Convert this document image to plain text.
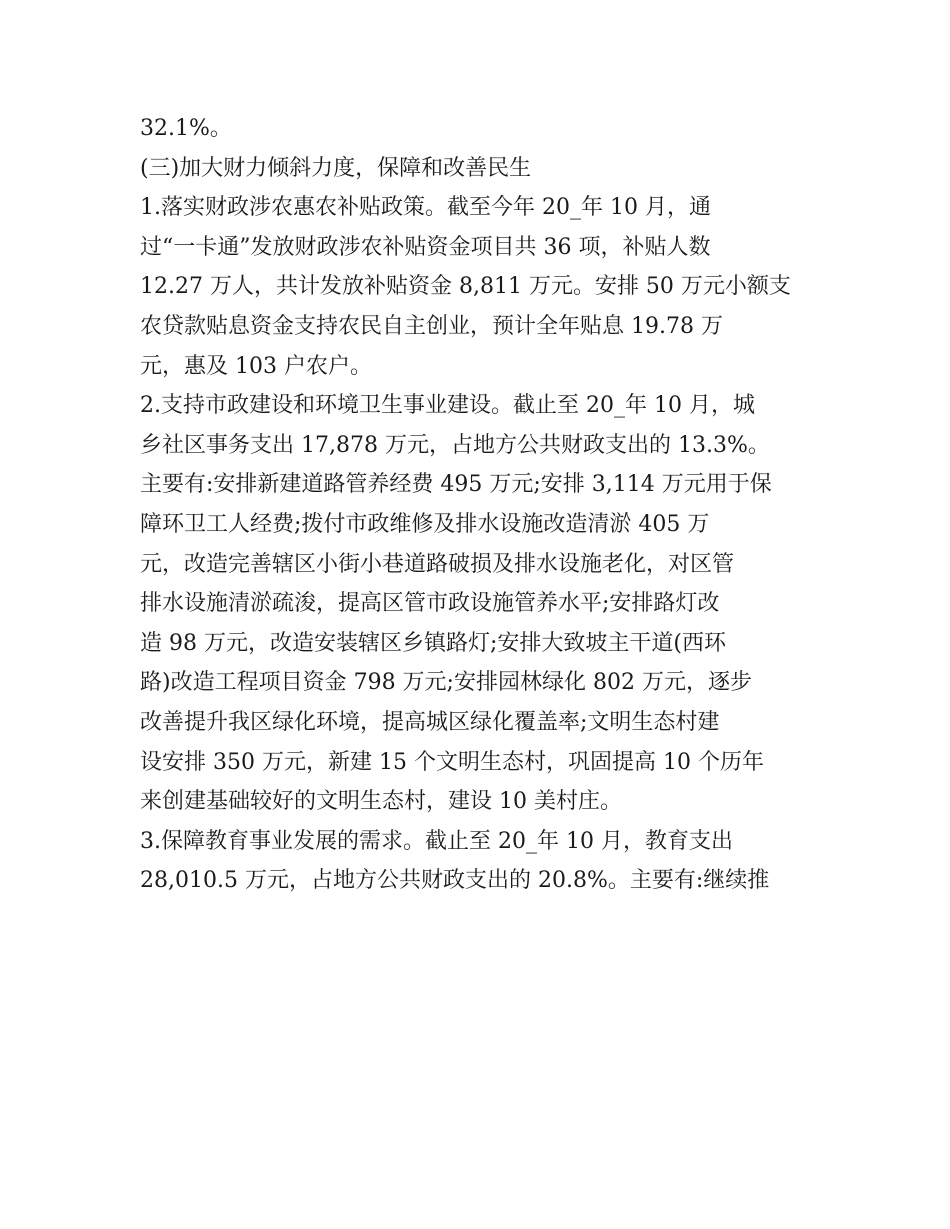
32.1%。
(三)加大财力倾斜力度，保障和改善民生
1.落实财政涉农惠农补贴政策。截至今年 20_年 10 月，通
过“一卡通”发放财政涉农补贴资金项目共 36 项，补贴人数
12.27 万人，共计发放补贴资金 8,811 万元。安排 50 万元小额支
农贷款贴息资金支持农民自主创业，预计全年贴息 19.78 万
元，惠及 103 户农户。
2.支持市政建设和环境卫生事业建设。截止至 20_年 10 月，城
乡社区事务支出 17,878 万元，占地方公共财政支出的 13.3%。
主要有:安排新建道路管养经费 495 万元;安排 3,114 万元用于保
障环卫工人经费;拨付市政维修及排水设施改造清淤 405 万
元，改造完善辖区小街小巷道路破损及排水设施老化，对区管
排水设施清淤疏浚，提高区管市政设施管养水平;安排路灯改
造 98 万元，改造安装辖区乡镇路灯;安排大致坡主干道(西环
路)改造工程项目资金 798 万元;安排园林绿化 802 万元，逐步
改善提升我区绿化环境，提高城区绿化覆盖率;文明生态村建
设安排 350 万元，新建 15 个文明生态村，巩固提高 10 个历年
来创建基础较好的文明生态村，建设 10 美村庄。
3.保障教育事业发展的需求。截止至 20_年 10 月，教育支出
28,010.5 万元，占地方公共财政支出的 20.8%。主要有:继续推
